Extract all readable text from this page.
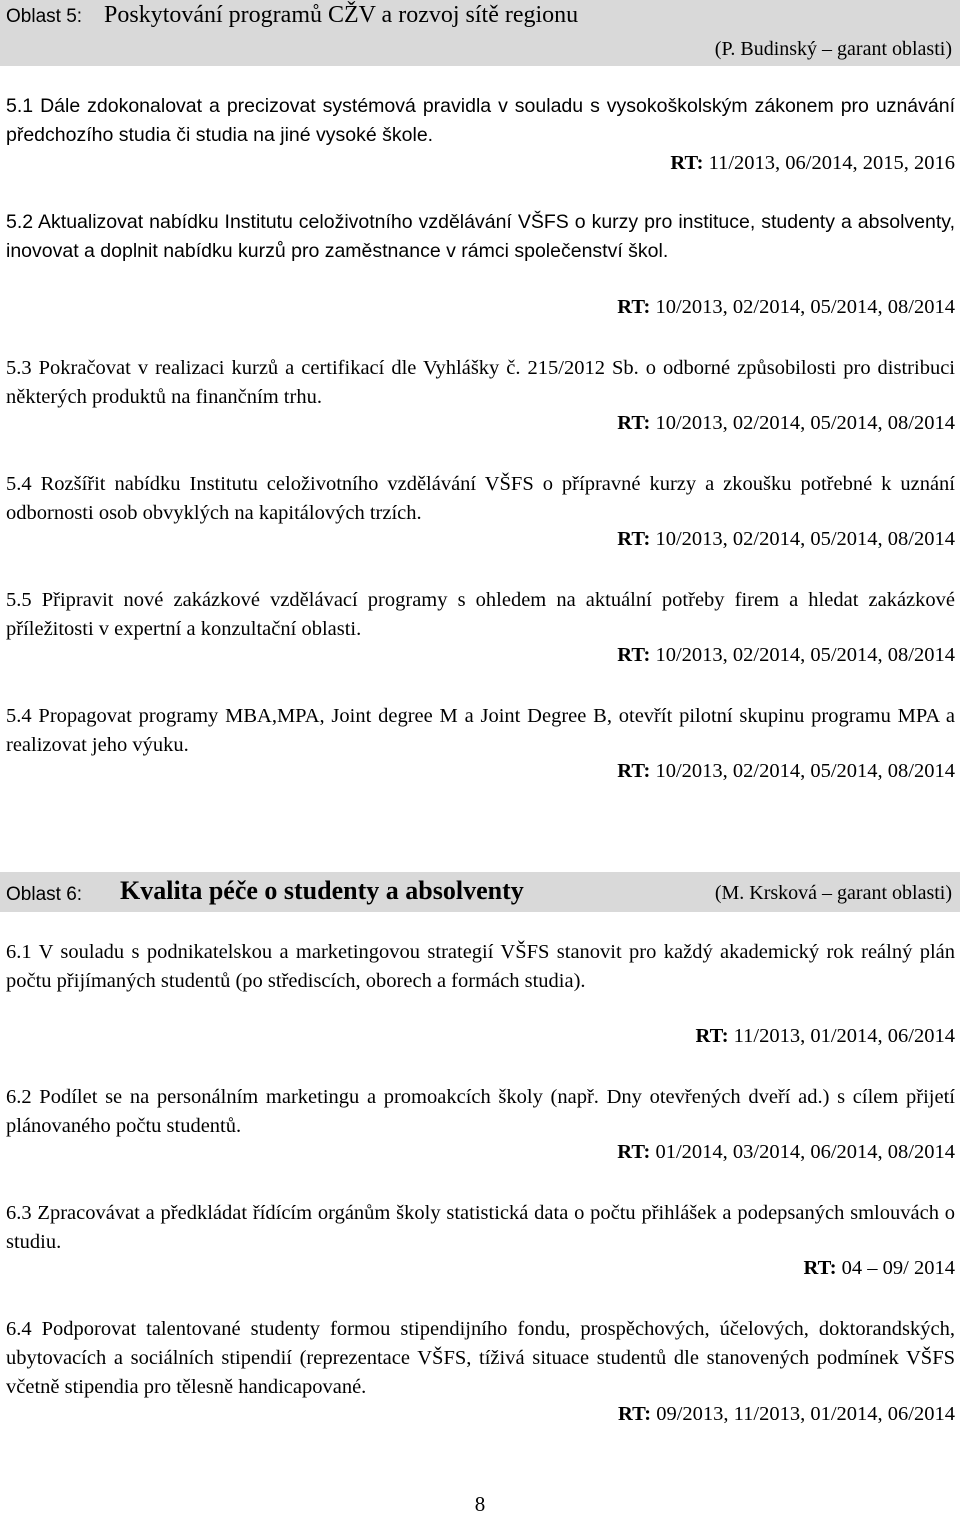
Oblast 5: Poskytování programů CŽV a rozvoj sítě regionu
(P. Budinský – garant oblasti)
5.1 Dále zdokonalovat a precizovat systémová pravidla v souladu s vysokoškolským zákonem pro uznávání předchozího studia či studia na jiné vysoké škole.
RT: 11/2013, 06/2014, 2015, 2016
5.2 Aktualizovat nabídku Institutu celoživotního vzdělávání VŠFS o kurzy pro instituce, studenty a absolventy, inovovat a doplnit nabídku kurzů pro zaměstnance v rámci společenství škol.
RT: 10/2013, 02/2014, 05/2014, 08/2014
5.3 Pokračovat v realizaci kurzů a certifikací dle Vyhlášky č. 215/2012 Sb. o odborné způsobilosti pro distribuci některých produktů na finančním trhu.
RT: 10/2013, 02/2014, 05/2014, 08/2014
5.4 Rozšířit nabídku Institutu celoživotního vzdělávání VŠFS o přípravné kurzy a zkoušku potřebné k uznání odbornosti osob obvyklých na kapitálových trzích.
RT: 10/2013, 02/2014, 05/2014, 08/2014
5.5 Připravit nové zakázkové vzdělávací programy s ohledem na aktuální potřeby firem a hledat zakázkové příležitosti v expertní a konzultační oblasti.
RT: 10/2013, 02/2014, 05/2014, 08/2014
5.4 Propagovat programy MBA,MPA, Joint degree M a Joint Degree B, otevřít pilotní skupinu programu MPA a realizovat jeho výuku.
RT: 10/2013, 02/2014, 05/2014, 08/2014
Oblast 6: Kvalita péče o studenty a absolventy	(M. Krsková – garant oblasti)
6.1 V souladu s podnikatelskou a marketingovou strategií VŠFS stanovit pro každý akademický rok reálný plán počtu přijímaných studentů (po střediscích, oborech a formách studia).
RT: 11/2013, 01/2014, 06/2014
6.2 Podílet se na personálním marketingu a promoakcích školy (např. Dny otevřených dveří ad.) s cílem přijetí plánovaného počtu studentů.
RT: 01/2014, 03/2014, 06/2014, 08/2014
6.3 Zpracovávat a předkládat řídícím orgánům školy statistická data o počtu přihlášek a podepsaných smlouvách o studiu.
RT: 04 – 09/ 2014
6.4 Podporovat talentované studenty formou stipendijního fondu, prospěchových, účelových, doktorandských, ubytovacích a sociálních stipendií (reprezentace VŠFS, tíživá situace studentů dle stanovených podmínek VŠFS včetně stipendia pro tělesně handicapované.
RT: 09/2013, 11/2013, 01/2014, 06/2014
8
